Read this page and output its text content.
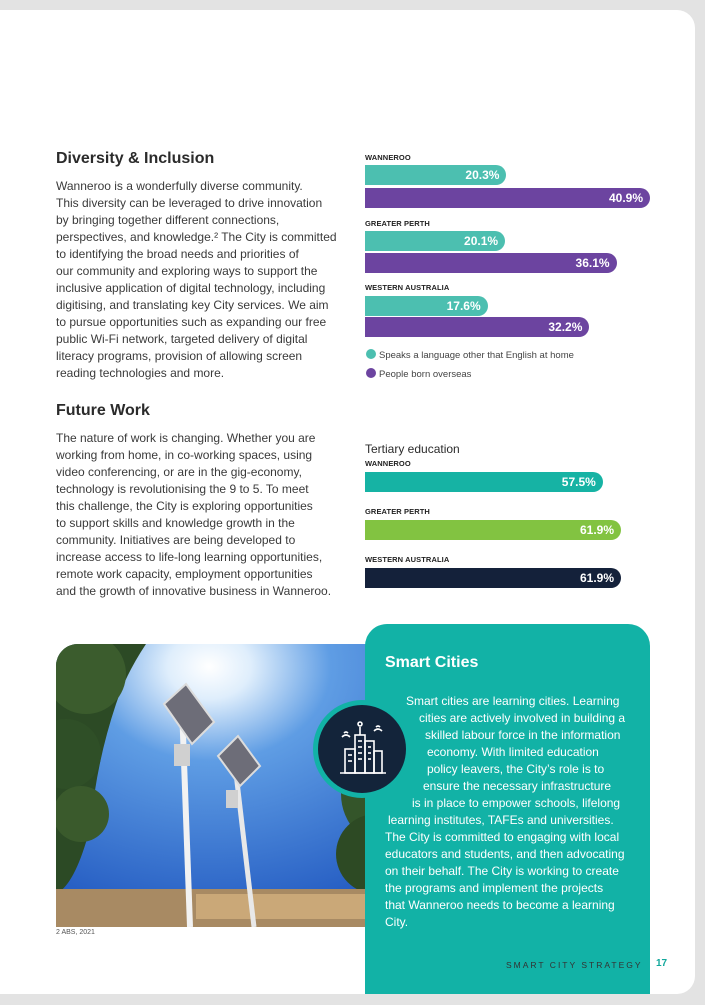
Diversity & Inclusion

Wanneroo is a wonderfully diverse community.

This diversity can be leveraged to drive innovation

by bringing together different connections,

perspectives, and knowledge.² The City is committed

to identifying the broad needs and priorities of

our community and exploring ways to support the

inclusive application of digital technology, including

digitising, and translating key City services. We aim

to pursue opportunities such as expanding our free

public Wi-Fi network, targeted delivery of digital

literacy programs, provision of allowing screen

reading technologies and more.

Future Work

The nature of work is changing. Whether you are

working from home, in co-working spaces, using

video conferencing, or are in the gig-economy,

technology is revolutionising the 9 to 5. To meet

this challenge, the City is exploring opportunities

to support skills and knowledge growth in the

community. Initiatives are being developed to

increase access to life-long learning opportunities,

remote work capacity, employment opportunities

and the growth of innovative business in Wanneroo.

WANNEROO
20.3%
40.9%
GREATER PERTH
20.1%
36.1%
WESTERN AUSTRALIA
17.6%
32.2%
Speaks a language other that English at home
People born overseas
Tertiary education
WANNEROO
57.5%
GREATER PERTH
61.9%
WESTERN AUSTRALIA
61.9%
Smart Cities
Smart cities are learning cities. Learning
cities are actively involved in building a
skilled labour force in the information
economy. With limited education
policy leavers, the City’s role is to
ensure the necessary infrastructure
is in place to empower schools, lifelong
learning institutes, TAFEs and universities.
The City is committed to engaging with local
educators and students, and then advocating
on their behalf. The City is working to create
the programs and implement the projects
that Wanneroo needs to become a learning
City.
2 ABS, 2021
SMART CITY STRATEGY 17
